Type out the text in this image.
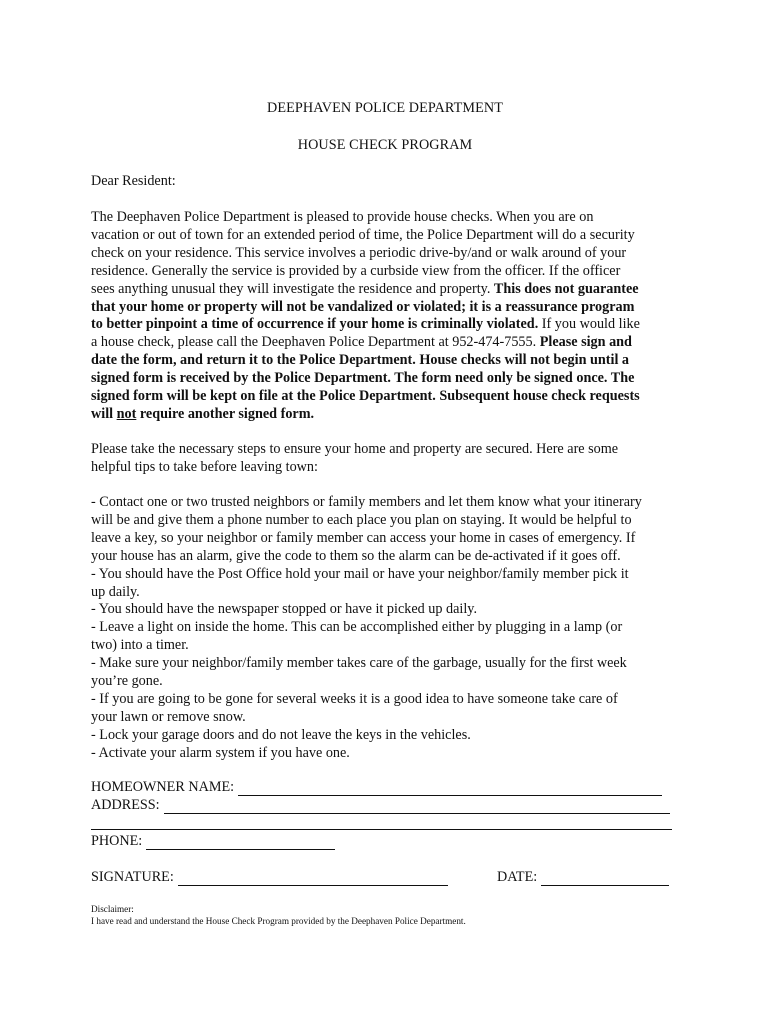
DEEPHAVEN POLICE DEPARTMENT
HOUSE CHECK PROGRAM
Dear Resident:
The Deephaven Police Department is pleased to provide house checks. When you are on
vacation or out of town for an extended period of time, the Police Department will do a security
check on your residence. This service involves a periodic drive-by/and or walk around of your
residence. Generally the service is provided by a curbside view from the officer. If the officer
sees anything unusual they will investigate the residence and property. This does not guarantee
that your home or property will not be vandalized or violated; it is a reassurance program
to better pinpoint a time of occurrence if your home is criminally violated. If you would like
a house check, please call the Deephaven Police Department at 952-474-7555. Please sign and
date the form, and return it to the Police Department. House checks will not begin until a
signed form is received by the Police Department. The form need only be signed once. The
signed form will be kept on file at the Police Department. Subsequent house check requests
will not require another signed form.
Please take the necessary steps to ensure your home and property are secured. Here are some
helpful tips to take before leaving town:
- Contact one or two trusted neighbors or family members and let them know what your itinerary
will be and give them a phone number to each place you plan on staying. It would be helpful to
leave a key, so your neighbor or family member can access your home in cases of emergency. If
your house has an alarm, give the code to them so the alarm can be de-activated if it goes off.
- You should have the Post Office hold your mail or have your neighbor/family member pick it
up daily.
- You should have the newspaper stopped or have it picked up daily.
- Leave a light on inside the home. This can be accomplished either by plugging in a lamp (or
two) into a timer.
- Make sure your neighbor/family member takes care of the garbage, usually for the first week
you’re gone.
- If you are going to be gone for several weeks it is a good idea to have someone take care of
your lawn or remove snow.
- Lock your garage doors and do not leave the keys in the vehicles.
- Activate your alarm system if you have one.
HOMEOWNER NAME:
ADDRESS:
PHONE:
SIGNATURE:	DATE:
Disclaimer:
I have read and understand the House Check Program provided by the Deephaven Police Department.
